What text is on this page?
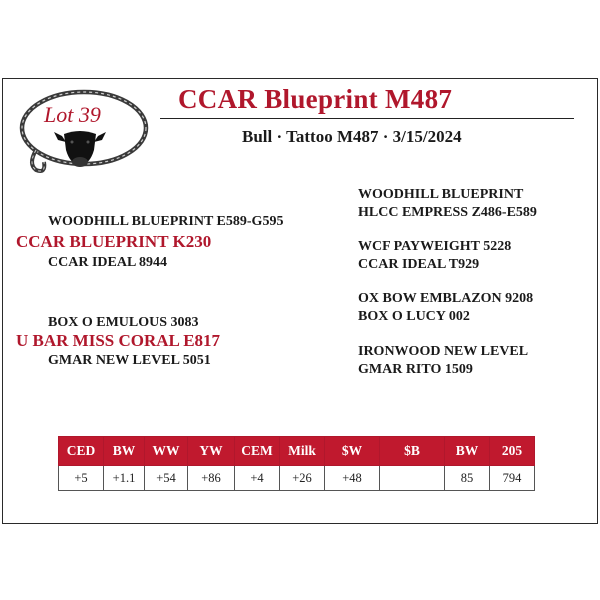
Lot 39
CCAR Blueprint M487
Bull · Tattoo M487 · 3/15/2024
WOODHILL BLUEPRINT E589-G595
CCAR BLUEPRINT K230
CCAR IDEAL 8944
BOX O EMULOUS 3083
U BAR MISS CORAL E817
GMAR NEW LEVEL 5051
WOODHILL BLUEPRINT
HLCC EMPRESS Z486-E589
WCF PAYWEIGHT 5228
CCAR IDEAL T929
OX BOW EMBLAZON 9208
BOX O LUCY 002
IRONWOOD NEW LEVEL
GMAR RITO 1509
CED	BW	WW	YW	CEM	Milk	$W	$B	BW	205
+5	+1.1	+54	+86	+4	+26	+48		85	794
